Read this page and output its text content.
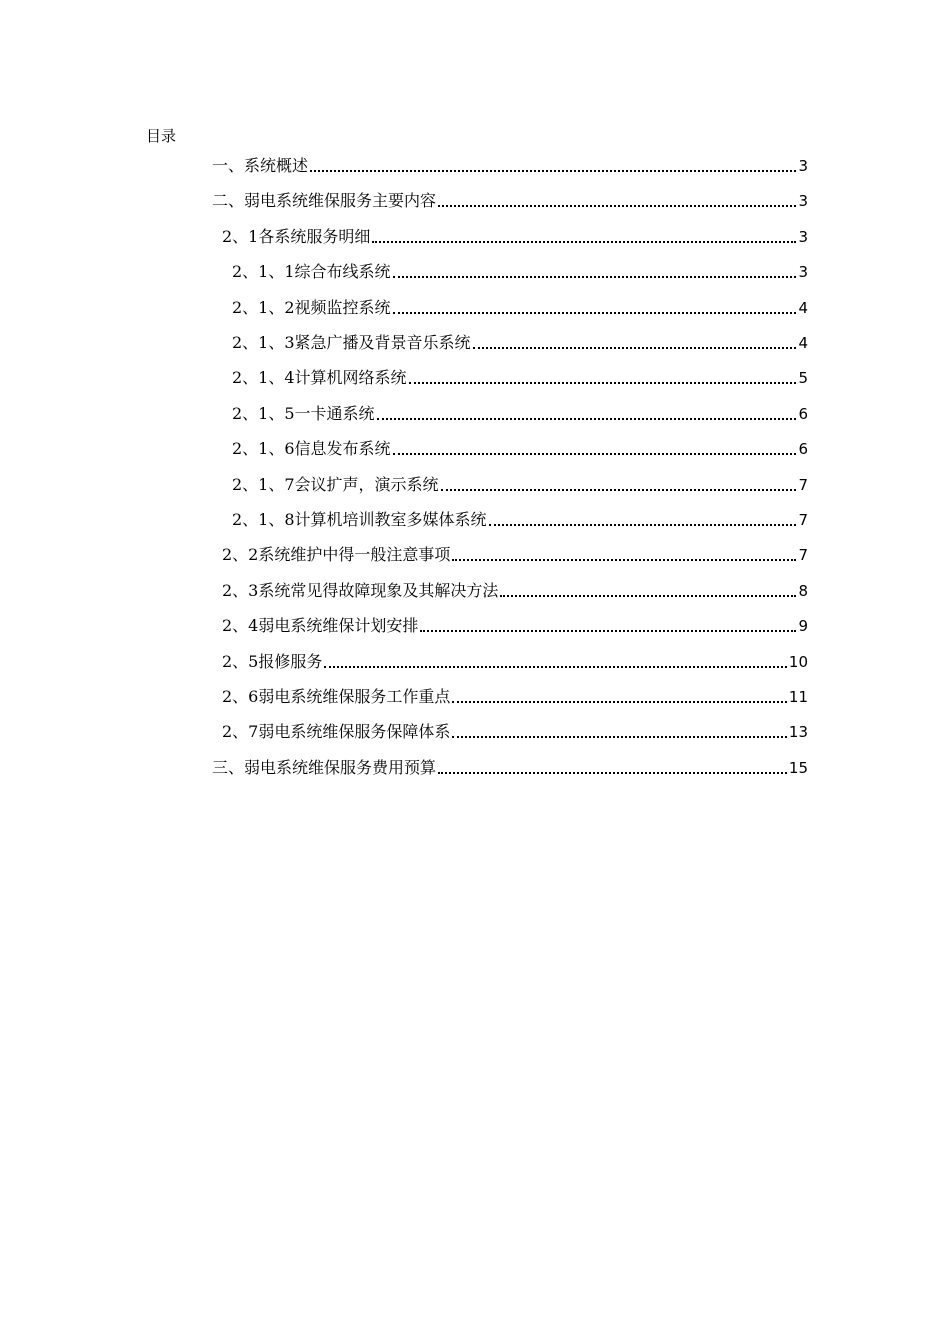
目录
一、系统概述	3
二、弱电系统维保服务主要内容	3
2、1各系统服务明细	3
2、1、1综合布线系统	3
2、1、2视频监控系统	4
2、1、3紧急广播及背景音乐系统	4
2、1、4计算机网络系统	5
2、1、5一卡通系统	6
2、1、6信息发布系统	6
2、1、7会议扩声，演示系统	7
2、1、8计算机培训教室多媒体系统	7
2、2系统维护中得一般注意事项	7
2、3系统常见得故障现象及其解决方法	8
2、4弱电系统维保计划安排	9
2、5报修服务	10
2、6弱电系统维保服务工作重点	11
2、7弱电系统维保服务保障体系	13
三、弱电系统维保服务费用预算	15
